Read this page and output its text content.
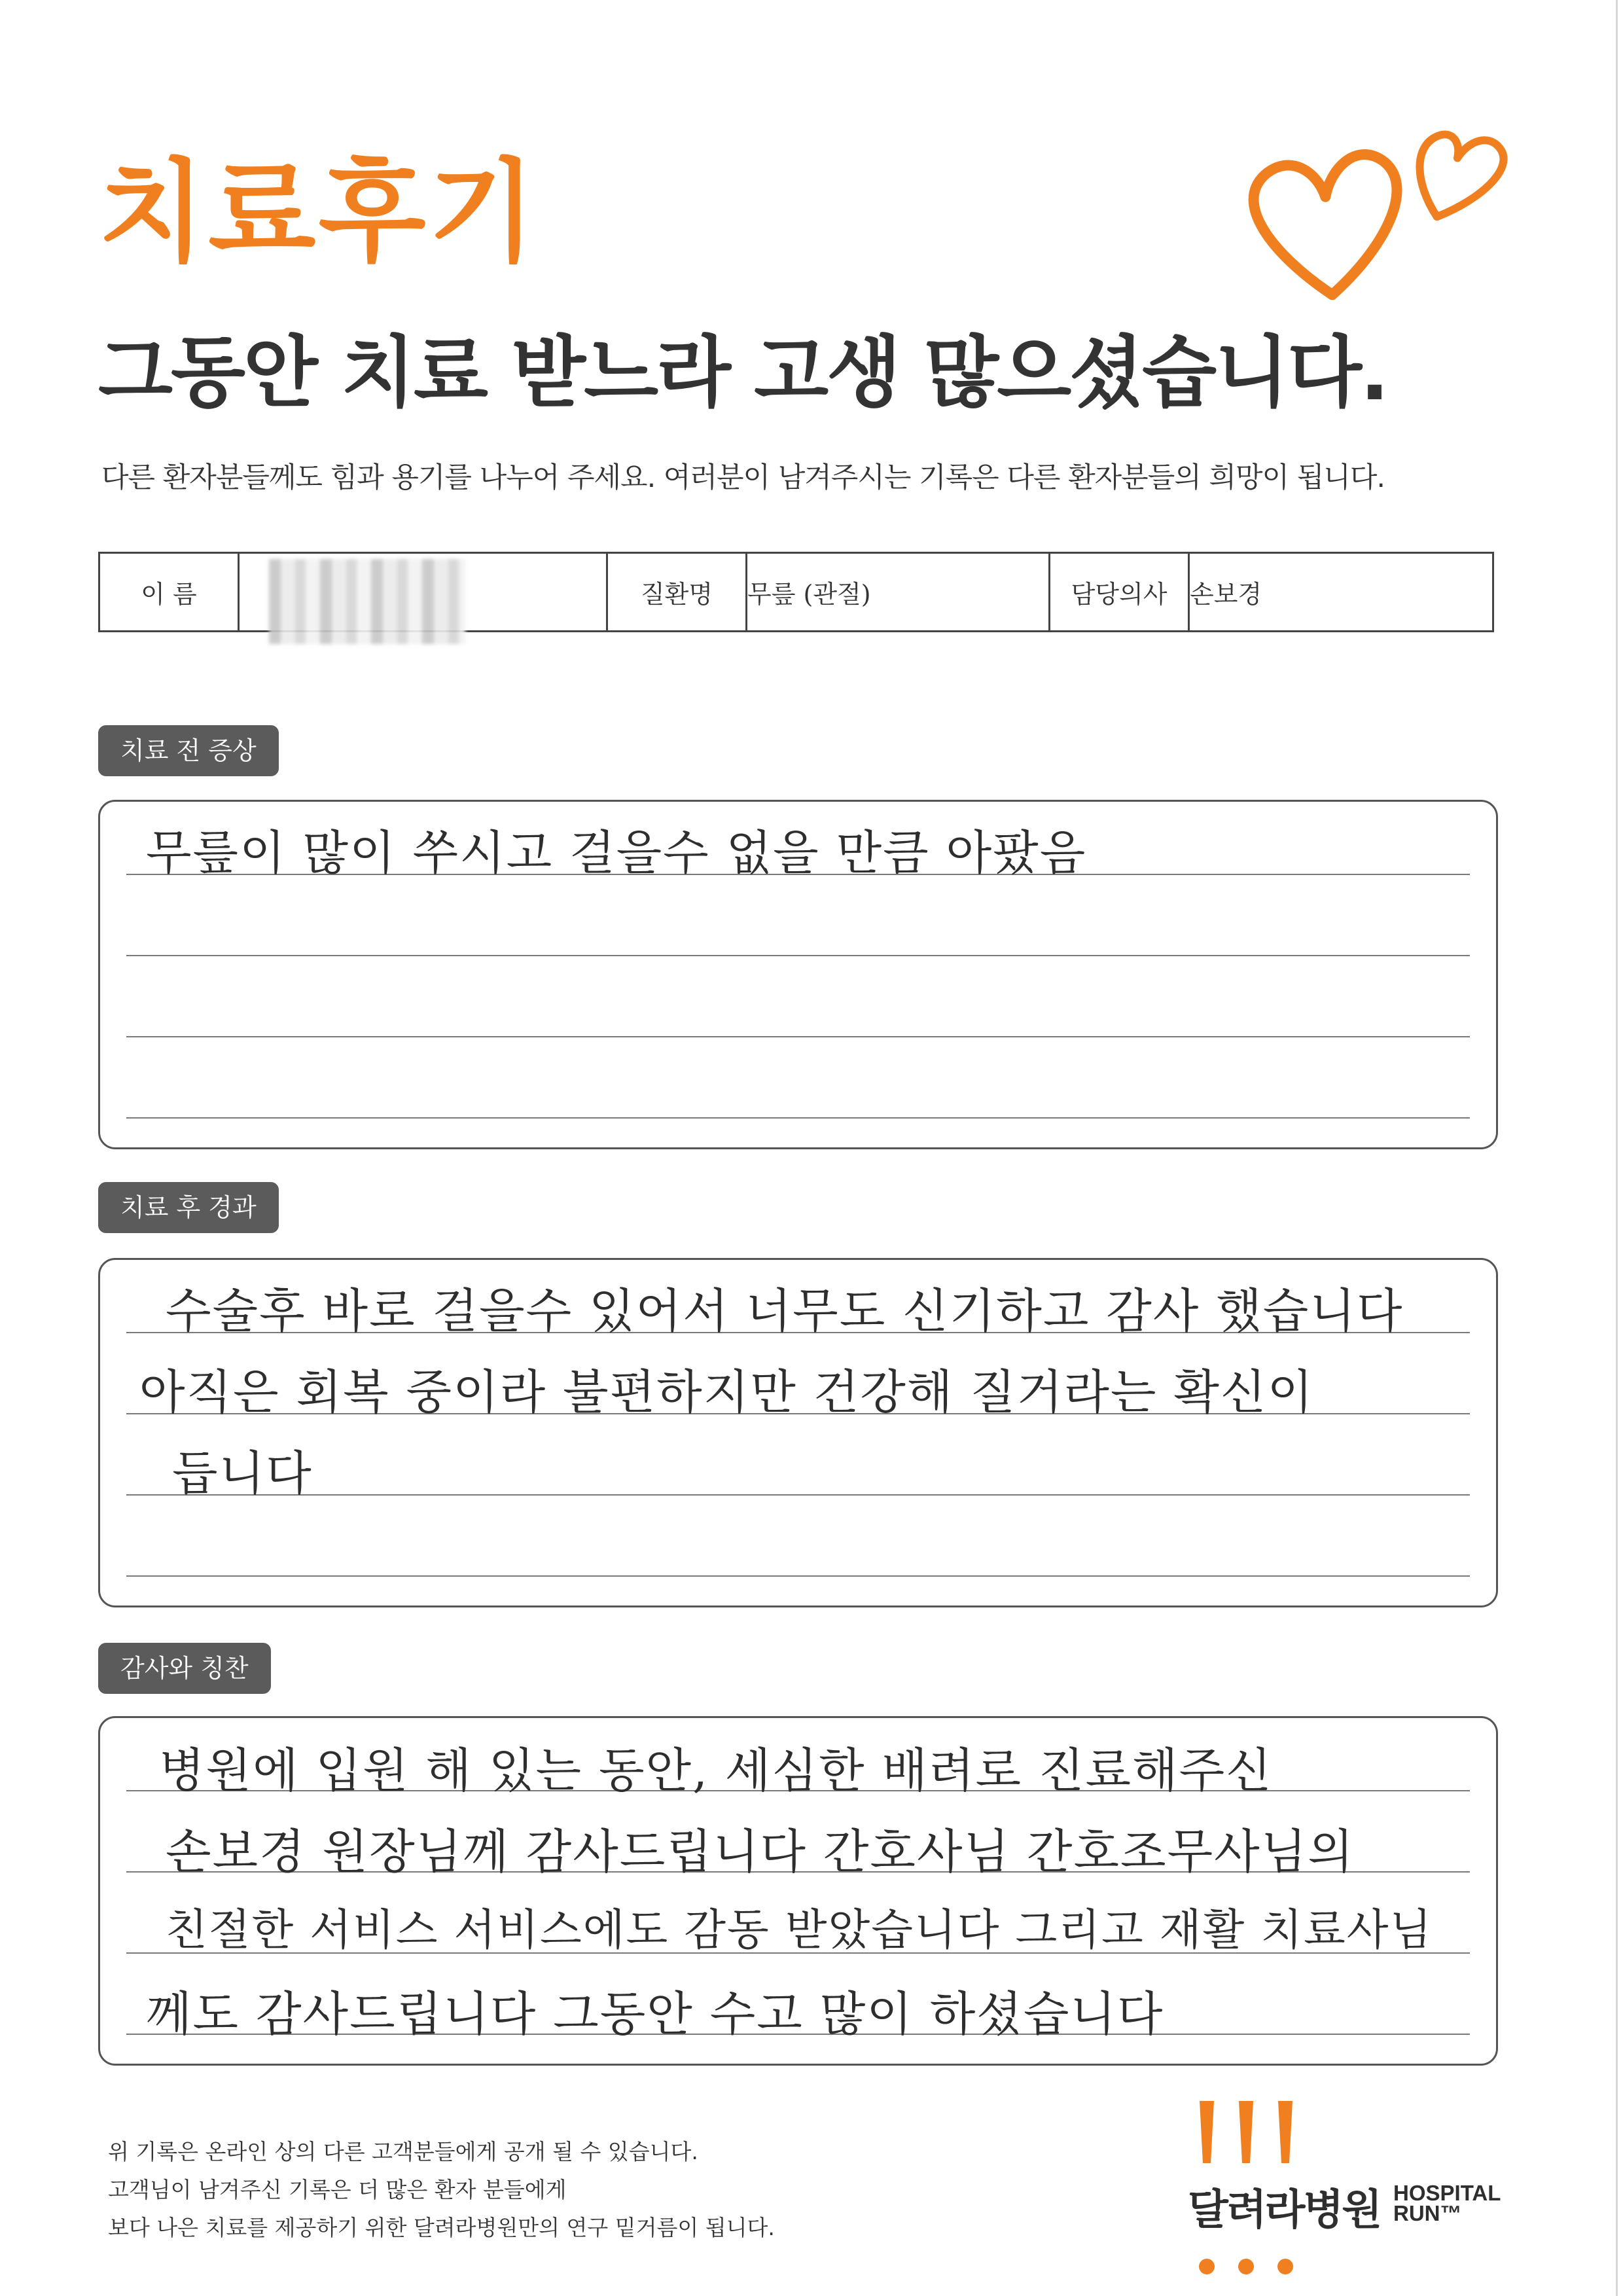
치료후기
그동안 치료 받느라 고생 많으셨습니다.
다른 환자분들께도 힘과 용기를 나누어 주세요. 여러분이 남겨주시는 기록은 다른 환자분들의 희망이 됩니다.
이 름		질환명	무릎 (관절)	담당의사	손보경
치료 전 증상
무릎이 많이 쑤시고 걸을수 없을 만큼 아팠음
치료 후 경과
수술후 바로 걸을수 있어서 너무도 신기하고 감사 했습니다
아직은 회복 중이라 불편하지만 건강해 질거라는 확신이
듭니다
감사와 칭찬
병원에 입원 해 있는 동안, 세심한 배려로 진료해주신
손보경 원장님께 감사드립니다 간호사님 간호조무사님의
친절한 서비스 서비스에도 감동 받았습니다 그리고 재활 치료사님
께도 감사드립니다 그동안 수고 많이 하셨습니다
위 기록은 온라인 상의 다른 고객분들에게 공개 될 수 있습니다.
고객님이 남겨주신 기록은 더 많은 환자 분들에게
보다 나은 치료를 제공하기 위한 달려라병원만의 연구 밑거름이 됩니다.	달려라병원 HOSPITAL
RUN™
